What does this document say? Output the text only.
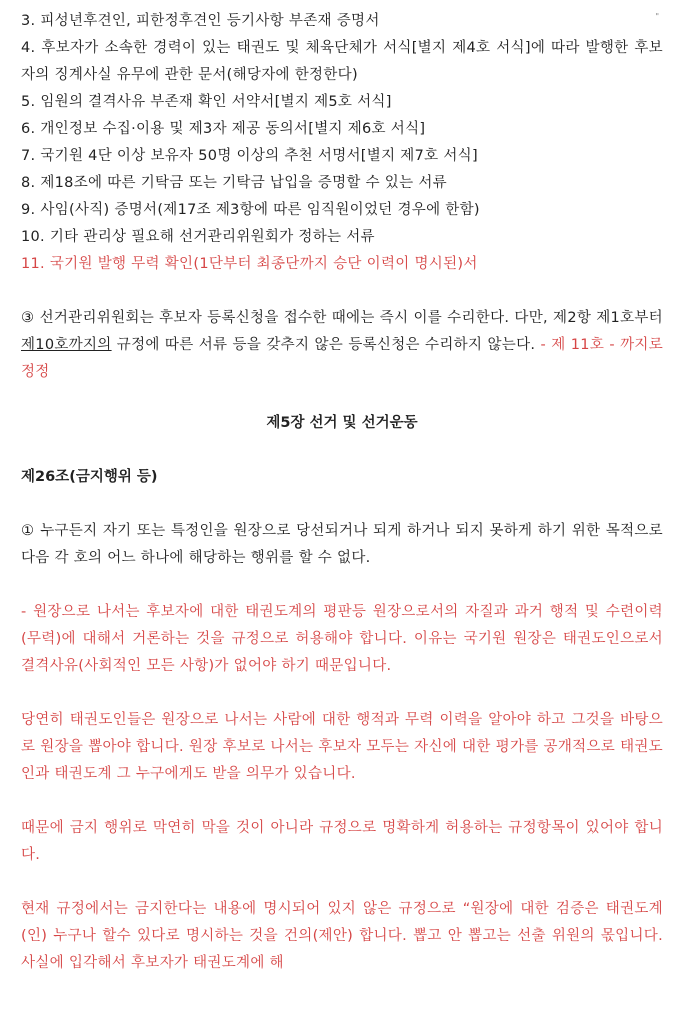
"
3. 피성년후견인, 피한정후견인 등기사항 부존재 증명서
4. 후보자가 소속한 경력이 있는 태권도 및 체육단체가 서식[별지 제4호 서식]에 따라 발행한 후보자의 징계사실 유무에 관한 문서(해당자에 한정한다)
5. 임원의 결격사유 부존재 확인 서약서[별지 제5호 서식]
6. 개인정보 수집·이용 및 제3자 제공 동의서[별지 제6호 서식]
7. 국기원 4단 이상 보유자 50명 이상의 추천 서명서[별지 제7호 서식]
8. 제18조에 따른 기탁금 또는 기탁금 납입을 증명할 수 있는 서류
9. 사임(사직) 증명서(제17조 제3항에 따른 임직원이었던 경우에 한함)
10. 기타 관리상 필요해 선거관리위원회가 정하는 서류
11. 국기원 발행 무력 확인(1단부터 최종단까지 승단 이력이 명시된)서
③ 선거관리위원회는 후보자 등록신청을 접수한 때에는 즉시 이를 수리한다. 다만, 제2항 제1호부터 제10호까지의 규정에 따른 서류 등을 갖추지 않은 등록신청은 수리하지 않는다. - 제 11호 - 까지로 정정
제5장 선거 및 선거운동
제26조(금지행위 등)
① 누구든지 자기 또는 특정인을 원장으로 당선되거나 되게 하거나 되지 못하게 하기 위한 목적으로 다음 각 호의 어느 하나에 해당하는 행위를 할 수 없다.
- 원장으로 나서는 후보자에 대한 태권도계의 평판등 원장으로서의 자질과 과거 행적 및 수련이력(무력)에 대해서 거론하는 것을 규정으로 허용해야 합니다. 이유는 국기원 원장은 태권도인으로서 결격사유(사회적인 모든 사항)가 없어야 하기 때문입니다.
당연히 태권도인들은 원장으로 나서는 사람에 대한 행적과 무력 이력을 알아야 하고 그것을 바탕으로 원장을 뽑아야 합니다. 원장 후보로 나서는 후보자 모두는 자신에 대한 평가를 공개적으로 태권도인과 태권도계 그 누구에게도 받을 의무가 있습니다.
때문에 금지 행위로 막연히 막을 것이 아니라 규정으로 명확하게 허용하는 규정항목이 있어야 합니다.
현재 규정에서는 금지한다는 내용에 명시되어 있지 않은 규정으로 “원장에 대한 검증은 태권도계(인) 누구나 할수 있다로 명시하는 것을 건의(제안) 합니다. 뽑고 안 뽑고는 선출 위원의 몫입니다. 사실에 입각해서 후보자가 태권도계에 해
